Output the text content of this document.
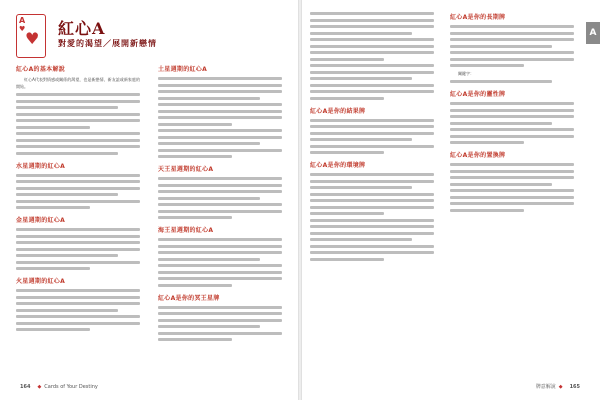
A
♥ ♥
紅心A
對愛的渴望／展開新戀情
紅心A的基本解說
紅心A代表對情感或關係的渴望，也是新戀情、新友誼或新家庭的開始。
水星週期的紅心A
金星週期的紅心A
火星週期的紅心A
土星週期的紅心A
天王星週期的紅心A
海王星週期的紅心A
紅心A是你的冥王星牌
164 ◆ Cards of Your Destiny
紅心A是你的結果牌
紅心A是你的環境牌
紅心A是你的長期牌
關鍵字：
紅心A是你的靈性牌
紅心A是你的置換牌
A
牌意解說 ◆ 165
